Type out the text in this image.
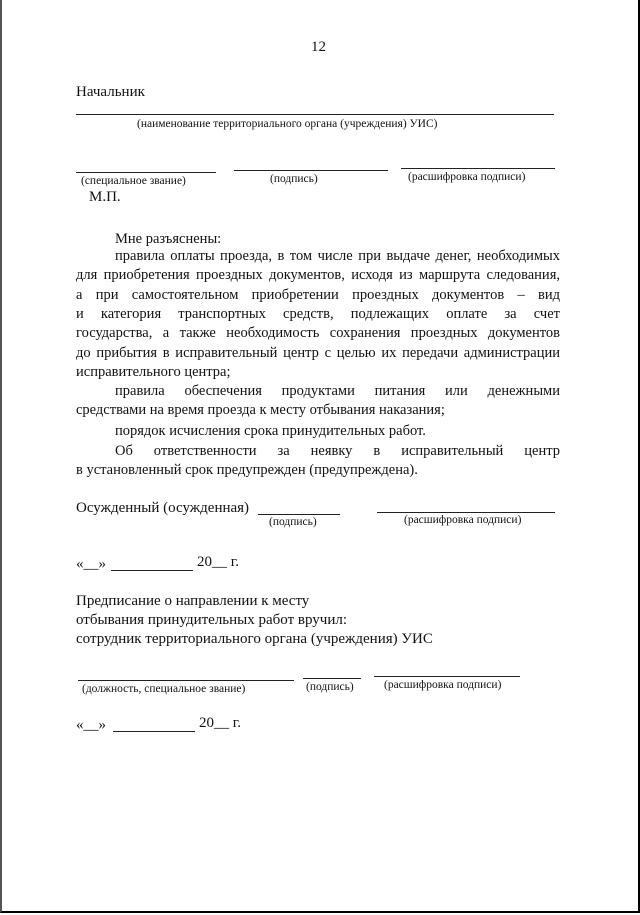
12
Начальник
(наименование территориального органа (учреждения) УИС)
(специальное звание)	(подпись)	(расшифровка подписи)
М.П.
Мне разъяснены:
правила оплаты проезда, в том числе при выдаче денег, необходимых
для приобретения проездных документов, исходя из маршрута следования,
а при самостоятельном приобретении проездных документов – вид
и категория транспортных средств, подлежащих оплате за счет
государства, а также необходимость сохранения проездных документов
до прибытия в исправительный центр с целью их передачи администрации
исправительного центра;
правила обеспечения продуктами питания или денежными
средствами на время проезда к месту отбывания наказания;
порядок исчисления срока принудительных работ.
Об ответственности за неявку в исправительный центр
в установленный срок предупрежден (предупреждена).
Осужденный (осужденная)
(подпись)	(расшифровка подписи)
«__»	20__ г.
Предписание о направлении к месту
отбывания принудительных работ вручил:
сотрудник территориального органа (учреждения) УИС
(должность, специальное звание)	(подпись)	(расшифровка подписи)
«__»	20__ г.
